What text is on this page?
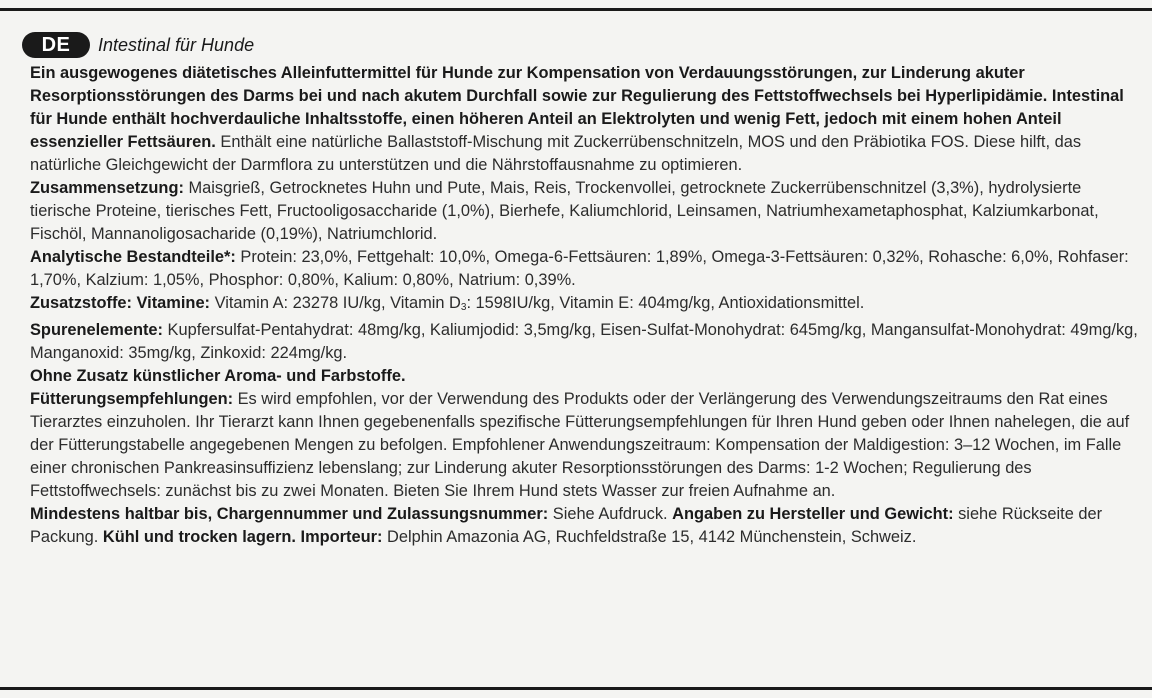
DE	Intestinal für Hunde

Ein ausgewogenes diätetisches Alleinfuttermittel für Hunde zur Kompensation von Verdauungsstörungen, zur Linderung akuter Resorptionsstörungen des Darms bei und nach akutem Durchfall sowie zur Regulierung des Fettstoffwechsels bei Hyperlipidämie. Intestinal für Hunde enthält hochverdauliche Inhaltsstoffe, einen höheren Anteil an Elektrolyten und wenig Fett, jedoch mit einem hohen Anteil essenzieller Fettsäuren. Enthält eine natürliche Ballaststoff-Mischung mit Zuckerrübenschnitzeln, MOS und den Präbiotika FOS. Diese hilft, das natürliche Gleichgewicht der Darmflora zu unterstützen und die Nährstoffausnahme zu optimieren.

Zusammensetzung: Maisgrieß, Getrocknetes Huhn und Pute, Mais, Reis, Trockenvollei, getrocknete Zuckerrübenschnitzel (3,3%), hydrolysierte tierische Proteine, tierisches Fett, Fructooligosaccharide (1,0%), Bierhefe, Kaliumchlorid, Leinsamen, Natriumhexametaphosphat, Kalziumkarbonat, Fischöl, Mannanoligosacharide (0,19%), Natriumchlorid.

Analytische Bestandteile*: Protein: 23,0%, Fettgehalt: 10,0%, Omega-6-Fettsäuren: 1,89%, Omega-3-Fettsäuren: 0,32%, Rohasche: 6,0%, Rohfaser: 1,70%, Kalzium: 1,05%, Phosphor: 0,80%, Kalium: 0,80%, Natrium: 0,39%.

Zusatzstoffe: Vitamine: Vitamin A: 23278 IU/kg, Vitamin $D_3$: 1598IU/kg, Vitamin E: 404mg/kg, Antioxidationsmittel.

Spurenelemente: Kupfersulfat-Pentahydrat: 48mg/kg, Kaliumjodid: 3,5mg/kg, Eisen-Sulfat-Monohydrat: 645mg/kg, Mangansulfat-Monohydrat: 49mg/kg, Manganoxid: 35mg/kg, Zinkoxid: 224mg/kg.

Ohne Zusatz künstlicher Aroma- und Farbstoffe.

Fütterungsempfehlungen: Es wird empfohlen, vor der Verwendung des Produkts oder der Verlängerung des Verwendungszeitraums den Rat eines Tierarztes einzuholen. Ihr Tierarzt kann Ihnen gegebenenfalls spezifische Fütterungsempfehlungen für Ihren Hund geben oder Ihnen nahelegen, die auf der Fütterungstabelle angegebenen Mengen zu befolgen. Empfohlener Anwendungszeitraum: Kompensation der Maldigestion: 3–12 Wochen, im Falle einer chronischen Pankreasinsuffizienz lebenslang; zur Linderung akuter Resorptionsstörungen des Darms: 1-2 Wochen; Regulierung des Fettstoffwechsels: zunächst bis zu zwei Monaten. Bieten Sie Ihrem Hund stets Wasser zur freien Aufnahme an.

Mindestens haltbar bis, Chargennummer und Zulassungsnummer: Siehe Aufdruck. Angaben zu Hersteller und Gewicht: siehe Rückseite der Packung. Kühl und trocken lagern. Importeur: Delphin Amazonia AG, Ruchfeldstraße 15, 4142 Münchenstein, Schweiz.
